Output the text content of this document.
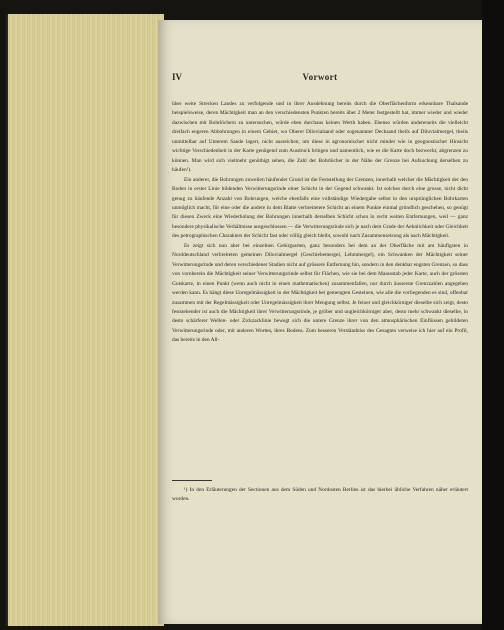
IV	Vorwort

über weite Strecken Landes zu verfolgende und in ihrer Ausdehnung bereits durch die Oberflächenform erkennbare Thalsande beispielsweise, deren Mächtigkeit man an den verschiedensten Punkten bereits über 2 Meter festgestellt hat, immer wieder und wieder dazwischen mit Bohrlöchern zu untersuchen, würde eben durchaus keinen Werth haben. Ebenso würden andererseits die vielleicht dreifach engeren Abbohrungen in einem Gebiet, wo Oberer Diluvialsand oder sogenannter Decksand theils auf Diluvialmergel, theils unmittelbar auf Unterem Sande lagert, nicht ausreichen, um diese in agronomischer nicht minder wie in geognostischer Hinsicht wichtige Verschiedenheit in der Karte genügend zum Ausdruck bringen und namentlich, wie es die Karte doch bezweckt, abgrenzen zu können. Man wird sich vielmehr genöthigt sehen, die Zahl der Bohrlöcher in der Nähe der Grenze bei Aufsuchung derselben zu häufen¹).

Ein anderer, die Bohrungen zuweilen häufender Grund ist die Feststellung der Grenzen, innerhalb welcher die Mächtigkeit der den Boden in erster Linie bildenden Verwitterungsrinde einer Schicht in der Gegend schwankt. Ist solches durch eine grosse, nicht dicht genug zu häufende Anzahl von Bohrungen, welche ebenfalls eine vollständige Wiedergabe selbst in den ursprünglichen Bohrkarten unmöglich macht, für eine oder die andere in dem Blatte verbreitetere Schicht an einem Punkte einmal gründlich geschehen, so genügt für diesen Zweck eine Wiederholung der Bohrungen innerhalb derselben Schicht schon in recht weiten Entfernungen, weil — ganz besondere physikalische Verhältnisse ausgeschlossen — die Verwitterungsrinde sich je nach dem Grade der Aehnlichkeit oder Gleichheit des petrographischen Charakters der Schicht fast oder völlig gleich bleibt, sowohl nach Zusammensetzung als nach Mächtigkeit.

Es zeigt sich nun aber bei einzelnen Gebirgsarten, ganz besonders bei dem an der Oberfläche mit am häufigsten in Norddeutschland verbreiteten gemeinen Diluvialmergel (Geschiebemergel, Lehmmergel), ein Schwanken der Mächtigkeit seiner Verwitterungsrinde und deren verschiedener Stadien nicht auf grössere Entfernung hin, sondern in den denkbar engsten Grenzen, so dass von vornherein die Mächtigkeit seiner Verwitterungsrinde selbst für Flächen, wie sie bei dem Maassstab jeder Karte, auch der grössten Gutskarte, in einen Punkt (wenn auch nicht in einen mathematischen) zusammenfallen, nur durch äusserste Grenzzahlen angegeben werden kann. Es hängt diese Unregelmässigkeit in der Mächtigkeit bei gemengten Gesteinen, wie alle die vorliegenden es sind, offenbar zusammen mit der Regelmässigkeit oder Unregelmässigkeit ihrer Mengung selbst. Je feiner und gleichkörniger dieselbe sich zeigt, desto feststehender ist auch die Mächtigkeit ihrer Verwitterungsrinde, je gröber und ungleichkörniger aber, desto mehr schwankt dieselbe, in desto schärferer Wellen- oder Zickzacklinie bewegt sich die untere Grenze ihrer von den atmosphärischen Einflüssen gebildeten Verwitterungsrinde oder, mit anderen Worten, ihres Bodens. Zum besseren Verständniss des Gesagten verweise ich hier auf ein Profil, das bereits in den All-

¹) In den Erläuterungen der Sectionen aus dem Süden und Nordosten Berlins ist das hierbei übliche Verfahren näher erläutert worden.
